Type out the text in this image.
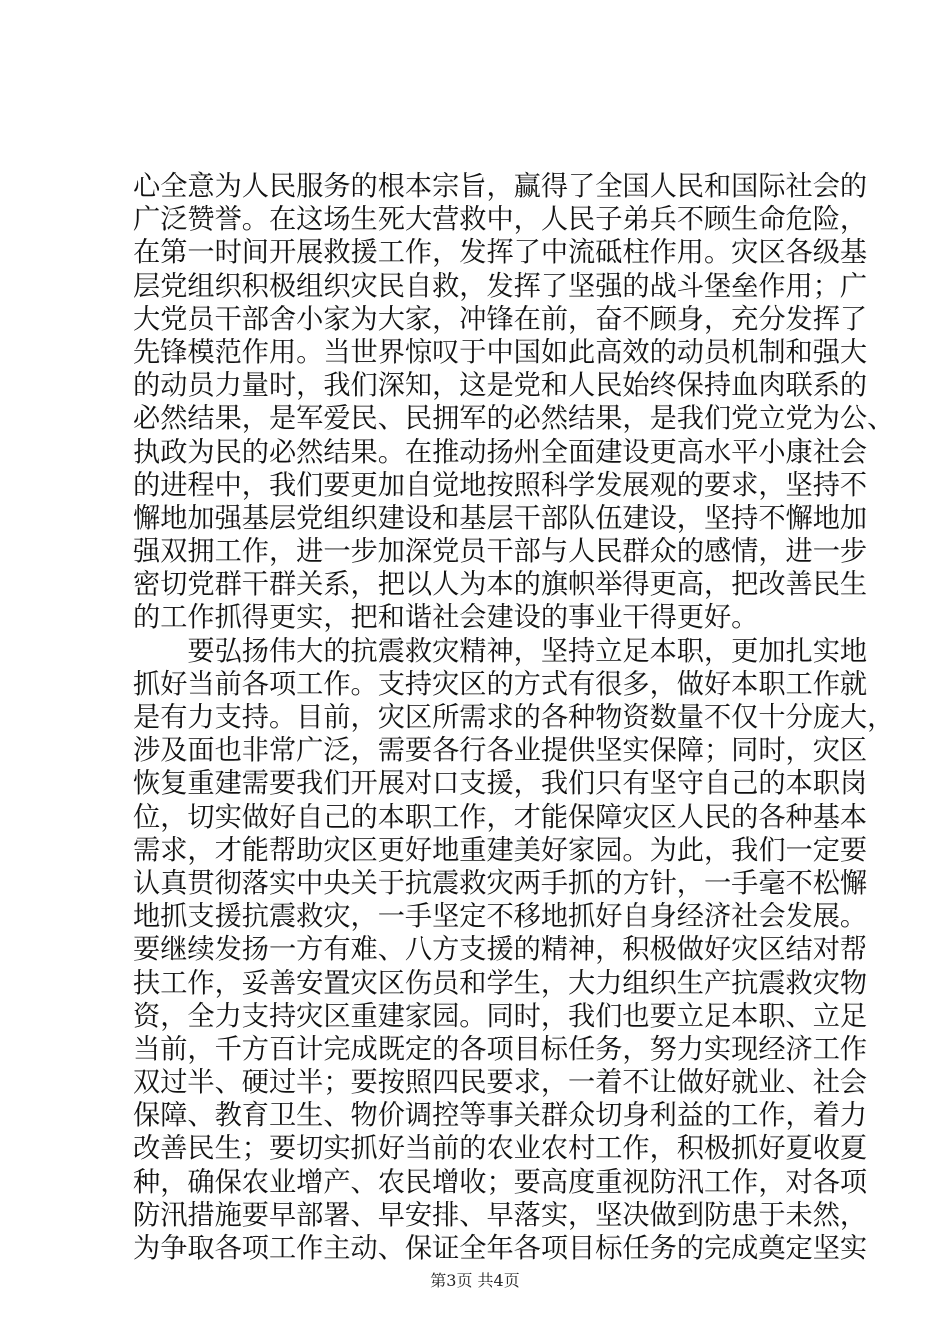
心全意为人民服务的根本宗旨，赢得了全国人民和国际社会的
广泛赞誉。在这场生死大营救中，人民子弟兵不顾生命危险，
在第一时间开展救援工作，发挥了中流砥柱作用。灾区各级基
层党组织积极组织灾民自救，发挥了坚强的战斗堡垒作用；广
大党员干部舍小家为大家，冲锋在前，奋不顾身，充分发挥了
先锋模范作用。当世界惊叹于中国如此高效的动员机制和强大
的动员力量时，我们深知，这是党和人民始终保持血肉联系的
必然结果，是军爱民、民拥军的必然结果，是我们党立党为公、
执政为民的必然结果。在推动扬州全面建设更高水平小康社会
的进程中，我们要更加自觉地按照科学发展观的要求，坚持不
懈地加强基层党组织建设和基层干部队伍建设，坚持不懈地加
强双拥工作，进一步加深党员干部与人民群众的感情，进一步
密切党群干群关系，把以人为本的旗帜举得更高，把改善民生
的工作抓得更实，把和谐社会建设的事业干得更好。
　　要弘扬伟大的抗震救灾精神，坚持立足本职，更加扎实地
抓好当前各项工作。支持灾区的方式有很多，做好本职工作就
是有力支持。目前，灾区所需求的各种物资数量不仅十分庞大，
涉及面也非常广泛，需要各行各业提供坚实保障；同时，灾区
恢复重建需要我们开展对口支援，我们只有坚守自己的本职岗
位，切实做好自己的本职工作，才能保障灾区人民的各种基本
需求，才能帮助灾区更好地重建美好家园。为此，我们一定要
认真贯彻落实中央关于抗震救灾两手抓的方针，一手毫不松懈
地抓支援抗震救灾，一手坚定不移地抓好自身经济社会发展。
要继续发扬一方有难、八方支援的精神，积极做好灾区结对帮
扶工作，妥善安置灾区伤员和学生，大力组织生产抗震救灾物
资，全力支持灾区重建家园。同时，我们也要立足本职、立足
当前，千方百计完成既定的各项目标任务，努力实现经济工作
双过半、硬过半；要按照四民要求，一着不让做好就业、社会
保障、教育卫生、物价调控等事关群众切身利益的工作，着力
改善民生；要切实抓好当前的农业农村工作，积极抓好夏收夏
种，确保农业增产、农民增收；要高度重视防汛工作，对各项
防汛措施要早部署、早安排、早落实，坚决做到防患于未然，
为争取各项工作主动、保证全年各项目标任务的完成奠定坚实
第3页 共4页
